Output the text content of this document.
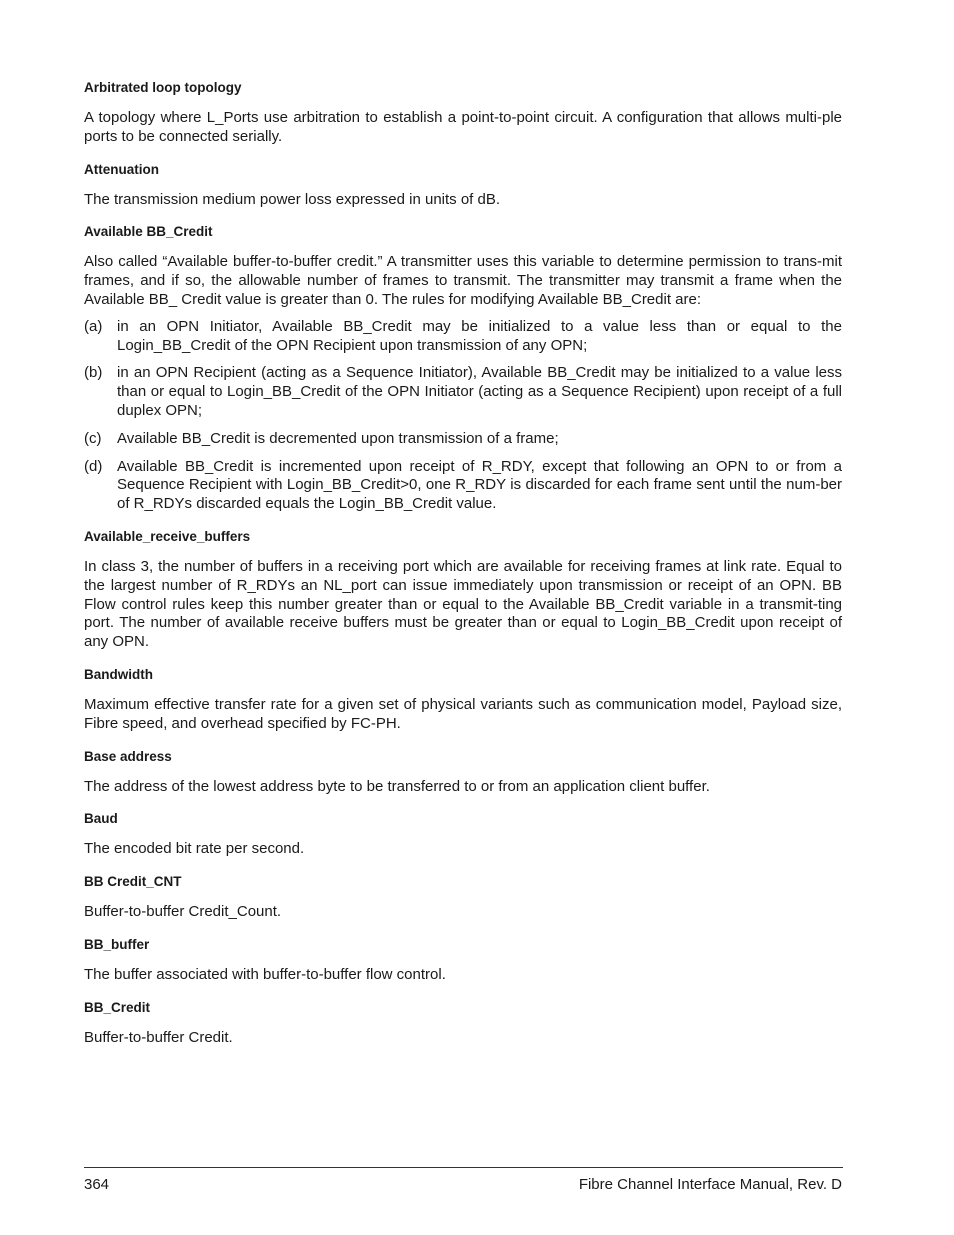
Arbitrated loop topology

A topology where L_Ports use arbitration to establish a point-to-point circuit. A configuration that allows multi-ple ports to be connected serially.

Attenuation

The transmission medium power loss expressed in units of dB.

Available BB_Credit

Also called “Available buffer-to-buffer credit.” A transmitter uses this variable to determine permission to trans-mit frames, and if so, the allowable number of frames to transmit. The transmitter may transmit a frame when the Available BB_ Credit value is greater than 0. The rules for modifying Available BB_Credit are:

(a) in an OPN Initiator, Available BB_Credit may be initialized to a value less than or equal to the Login_BB_Credit of the OPN Recipient upon transmission of any OPN;
(b) in an OPN Recipient (acting as a Sequence Initiator), Available BB_Credit may be initialized to a value less than or equal to Login_BB_Credit of the OPN Initiator (acting as a Sequence Recipient) upon receipt of a full duplex OPN;
(c)	Available BB_Credit is decremented upon transmission of a frame;
(d) Available BB_Credit is incremented upon receipt of R_RDY, except that following an OPN to or from a Sequence Recipient with Login_BB_Credit>0, one R_RDY is discarded for each frame sent until the num-ber of R_RDYs discarded equals the Login_BB_Credit value.
Available_receive_buffers

In class 3, the number of buffers in a receiving port which are available for receiving frames at link rate. Equal to the largest number of R_RDYs an NL_port can issue immediately upon transmission or receipt of an OPN. BB Flow control rules keep this number greater than or equal to the Available BB_Credit variable in a transmit-ting port. The number of available receive buffers must be greater than or equal to Login_BB_Credit upon receipt of any OPN.

Bandwidth

Maximum effective transfer rate for a given set of physical variants such as communication model, Payload size, Fibre speed, and overhead specified by FC-PH.

Base address

The address of the lowest address byte to be transferred to or from an application client buffer.

Baud

The encoded bit rate per second.

BB Credit_CNT

Buffer-to-buffer Credit_Count.

BB_buffer

The buffer associated with buffer-to-buffer flow control.

BB_Credit

Buffer-to-buffer Credit.

364	Fibre Channel Interface Manual, Rev. D
